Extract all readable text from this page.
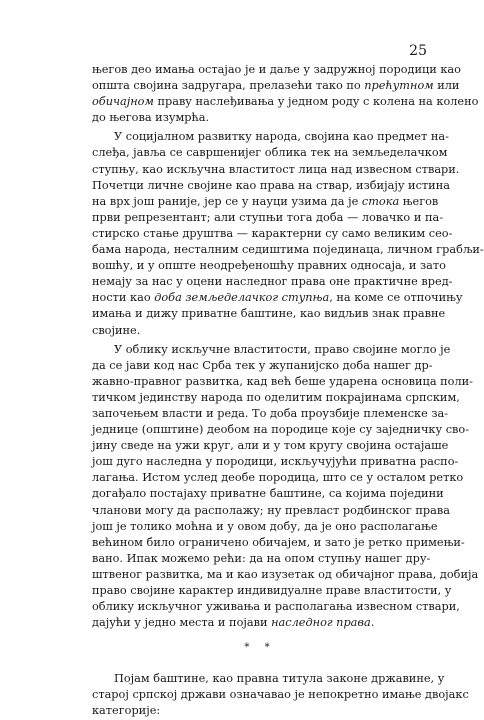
25
његов део имања остајао је и даље у задружној породици као
општа својина задругара, прелазећи тако по прећутном или
обичајном праву наслеђивања у једном роду с колена на колено
до његова изумрћа.
У социјалном развитку народа, својина као предмет на-
слеђа, јавља се савршенијег облика тек на земљеделачком
ступњу, као искључна властитост лица над извесном ствари.
Почетци личне својине као права на ствар, избијају истина
на врх још раније, јер се у науци узима да је стока његов
први репрезентант; али ступњи тога доба — ловачко и па-
стирско стање друштва — карактерни су само великим сео-
бама народа, несталним седиштима појединаца, личном грабљи-
вошћу, и у опште неодређеношћу правних односаја, и зато
немају за нас у оцени наследног права оне практичне вред-
ности као доба земљеделачког ступња, на коме се отпочињу
имања и дижу приватне баштине, као видљив знак правне
својине.
У облику искључне властитости, право својине могло је
да се јави код нас Срба тек у жупанијско доба нашег др-
жавно-правног развитка, кад већ беше ударена основица поли-
тичком јединству народа по оделитим покрајинама српским,
започењем власти и реда. То доба проузбије племенске за-
једнице (општине) деобом на породице које су заједничку сво-
јину сведе на ужи круг, али и у том кругу својина остајаше
још дуго наследна у породици, искључујући приватна распо-
лагања. Истом услед деобе породица, што се у осталом ретко
догађало постајаху приватне баштине, са којима поједини
чланови могу да располажу; ну превласт родбинског права
још је толико моћна и у овом добу, да је оно располагање
већином било ограничено обичајем, и зато је ретко примењи-
вано. Ипак можемо рећи: да на опом ступњу нашег дру-
штвеног развитка, ма и као изузетак од обичајног права, добија
право својине карактер индивидуалне праве властитости, у
облику искључног уживања и располагања извесном ствари,
дајући у једно места и појави наследног права.
* *
Појам баштине, као правна титула законе државине, у
старој српској држави означавао је непокретно имање двојакс
категорије:
